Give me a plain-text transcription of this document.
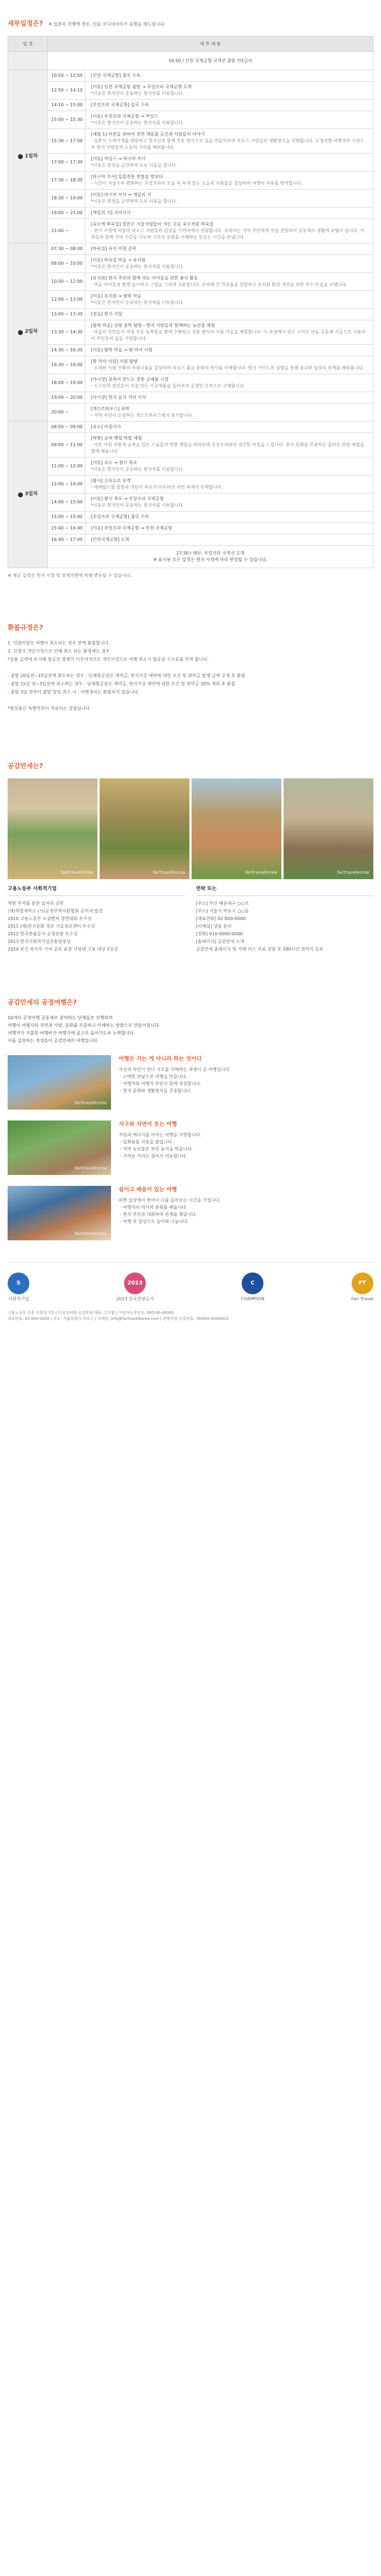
세부일정은? ※ 일본의 진행에 경우, 인솔 코디네이터가 동행을 해드립니다.
일 정	세 부 내 용	
	10:50 / 인천 국제공항 국적선 출발 7/1금의	

1일차	10:50 ~ 12:50	[인천 국제공항] 출국 수속

	12:50 ~ 14:10	[이동] 인천 국제공항 출발 → 루앙프라 국제공항 도착
*이동은 현지인이 운송하는 현지차를 이용합니다.

	14:10 ~ 15:00	[루앙프라 국제공항] 입국 수속

	15:00 ~ 15:30	[이동] 루앙프라 국제공항 → 까잉스
*이동은 현지인이 운송하는 현지차를 이용합니다.

	15:30 ~ 17:00	[체험 1] 비전을 위하여 천연 재료를 공간과 사람들의 이야기
- 일본식 수제가게를 방문하고 현지인과 함께 전통 방식으로 실을 만들어보며 라오스 사람들의 생활방식을 이해합니다. 공정여행 여행자의 시선으로 현지 사람들의 노동의 가치를 배워봅니다.

	17:00 ~ 17:30	[이동] 까잉스 → 마구마 쓰사
*이동은 현경을 공연하며 도보 이동을 합니다.

	17:30 ~ 18:30	[마구마 쓰사] 일몰전통 전망을 맞보다
- 시간이 지날수록 변화하는 루앙프라의 모습 속 특색 있는 노을과 지붕들을 감상하며 여행의 여유를 만끽합니다.

	18:30 ~ 19:00	[이동] 마구마 쓰사 → 게일리 지
*이동은 현경을 공연하며 도보 이동을 합니다.

	19:00 ~ 21:00	[게일리 지] 저녁식사

	21:00 ~	[숙소에 하숙집] 일본은 서울사람들이 사는 곳을 숙소처럼 하숙집
- 현지 가정에 머물며 라오스 사람들의 일상을 가까이에서 경험합니다. 숙박비는 지역 주민에게 직접 전달되어 공동체의 생활에 보탬이 됩니다. 가족들과 함께 저녁 시간을 나누며 서로의 문화를 이해하는 뜻깊은 시간을 보냅니다.

2일차	07:30 ~ 08:00	[하숙집] 숙식 아침 준비

	08:00 ~ 10:00	[이동] 하숙집 마을 → 유치원
*이동은 현지인이 운송하는 현지차를 이용합니다.

	10:00 ~ 12:00	[유치원] 현지 주민과 함께 여는 아이들을 위한 봉사 활동
- 마을 아이들과 함께 놀이하고 그림을 그리며 교류합니다. 준비해 간 학용품을 전달하고 유치원 환경 개선을 위한 작은 손길을 보탭니다.

	12:00 ~ 13:00	[이동] 유치원 → 왕락 마을
*이동은 현지인이 운송하는 현지차를 이용합니다.

	13:00 ~ 13:30	[점심] 현지 식당

	13:30 ~ 14:30	[왕락 마을] 선왕 중학 탐방 - 현지 사람들과 함께하는 농산물 체험
- 마을의 주민들이 직접 키운 농작물을 함께 수확하고 전통 방식의 식품 가공을 체험합니다. 이 과정에서 얻은 수익은 마을 공동체 기금으로 사용되어 주민들의 삶을 지원합니다.

	14:30 ~ 16:30	[이동] 왕락 마을 → 왓 마이 사원

	16:30 ~ 18:00	[왓 마이 사원] 사원 탐방
- 오래된 사원 건축의 아름다움을 감상하며 라오스 불교 문화의 역사를 이해합니다. 현지 가이드의 설명을 통해 종교와 일상의 관계를 배워봅니다.

	18:00 ~ 19:00	[야시장] 몽족이 만드는 전통 공예품 시장
- 소수민족 장인들이 직접 만든 수공예품을 둘러보며 공정한 가격으로 구매합니다.

	19:00 ~ 20:00	[야시장] 현지 음식 저녁 식사

	20:00 ~	[게스트하우스] 숙박
- 지역 주민이 운영하는 게스트하우스에서 휴식합니다.

3일차	08:00 ~ 09:00	[숙소] 아침식사

	09:00 ~ 11:00	[딱밧] 승려 행렬 탁발 체험
- 이른 아침 주황색 승복을 입은 스님들의 탁발 행렬을 바라보며 루앙프라방의 경건한 아침을 느낍니다. 현지 문화를 존중하는 올바른 관람 예절을 함께 배웁니다.

	11:00 ~ 12:00	[이동] 숙소 → 꽝시 폭포
*이동은 현지인이 운송하는 현지차를 이용합니다.

	12:00 ~ 14:00	[꽝시] 고속도로 포켓
- 에메랄드빛 물빛과 계단식 폭포가 어우러진 자연 속에서 산책합니다.

	14:00 ~ 15:00	[이동] 꽝시 폭포 → 루앙프라 국제공항
*이동은 현지인이 운송하는 현지차를 이용합니다.

	15:00 ~ 15:40	[루앙프라 국제공항] 출국 수속

	15:40 ~ 16:40	[이동] 루앙프라 국제공항 → 인천 국제공항

	16:40 ~ 17:00	[인천국제공항] 도착

	17:30 / 해산. 루앙프라 국적선 도착
※ 표시된 모든 일정은 현지 사정에 따라 변경될 수 있습니다.	

※ 제공 일정은 현지 사정 및 천재지변에 의해 변동될 수 있습니다.

환불규정은?

1. 인원미달로 여행이 취소되는 경우 전액 환불합니다.

2. 신청자 개인사정으로 인해 취소 되는 환경에는 경우

*상품 금액에 포사해 항공권 결제가 이루어지므로 개인사정으로 여행 취소시 항공권 수수료를 부과 합니다.

- 출발 20일전~15일전에 취소하는 경우 : 단체항공권은 계약금, 현지지상 예약에 대한 조건 및 위약금 발생 금액 공제 후 환불

- 출발 15일 전~3일전에 취소하는 경우 : 단체항공권은 계약금, 현지지상 예약에 대한 조건 및 위약금 30% 제외 후 환불

- 출발 3일 전부터 출발 당일 취소 시 : 여행경비는 환불되지 않습니다.

*현상품은 특별약관이 적용되는 상품입니다.

공감만세는?
fairtravelkorea	fairtravelkorea	fairtravelkorea	fairtravelkorea
고용노동부 사회적기업

착한 투자를 통한 일자리 공헌

(재)희망제작소 (사)공정무역지원협회 공익적 발전

2010 고용노동부 소셜벤처 경연대회 우수상

2011 (재)한국문화 정보 기술정보센터 우수상

2012 한국관광공사 공정관광 우수상

2013 한국사회적기업진흥원장상

2014 보건 복지부 기여 공로 표창 사업대 고용 대상 2등상

연락 또는

[주소] 부산 해운대구 ○○로

[주소] 서울시 마포구 ○○동

[대표전화] 02-000-0000

[이메일] 상담 문의

[전화] 010-0000-0000

[홈페이지] 공감만세 소개

공감만세 홈페이지 및 카페 미스 무료 상담 후 180시간 전까지 등록

공감만세의 공정여행은?

10개의 공정여행 공동체로 참여하는 단체들로 진행되며

여행이 여행지의 자연과 사람, 문화를 존중하고 이해하는 방향으로 만들어집니다.

여행자가 지불한 여행비가 여행지에 골고루 돌아가도록 노력합니다.

이를 실천하는 정성들이 공감만세의 여행입니다.

fairtravelkorea
여행은 가는 게 아니라 하는 것이다

자신과 타인이 만나 서로를 이해하는 과정이 곧 여행입니다.

ㆍ소박한 만남으로 여행을 만듭니다.

ㆍ여행자와 여행지 주민이 함께 성장합니다.

ㆍ현지 문화와 생활방식을 존중합니다.

fairtravelkorea
지구와 자연이 웃는 여행

자원과 에너지를 아끼는 여행을 지향합니다.

ㆍ일회용품 사용을 줄입니다.

ㆍ지역 농산물로 차린 음식을 먹습니다.

ㆍ가까운 거리는 걸어서 이동합니다.

fairtravelkorea
쉼이고 배움이 있는 여행

바쁜 일상에서 벗어나 나를 돌아보는 시간을 가집니다.

ㆍ여행지의 역사와 문화를 배웁니다.

ㆍ현지 주민과 대화하며 관계를 맺습니다.

ㆍ여행 후 일상으로 돌아와 나눕니다.

S
사회적기업
2013
2013 한국관광공사
C
CHAMPION
FT
Fair Travel
고용노동부 인증 사회적기업 (주)공정여행 공감만세 대표: 고두환 | 사업자등록번호: 000-00-00000
대표번호: 02-000-0000 | 주소: 서울특별시 마포구 | 이메일: info@fairtravelkorea.com | 관광사업 등록번호: 제0000-000000호
